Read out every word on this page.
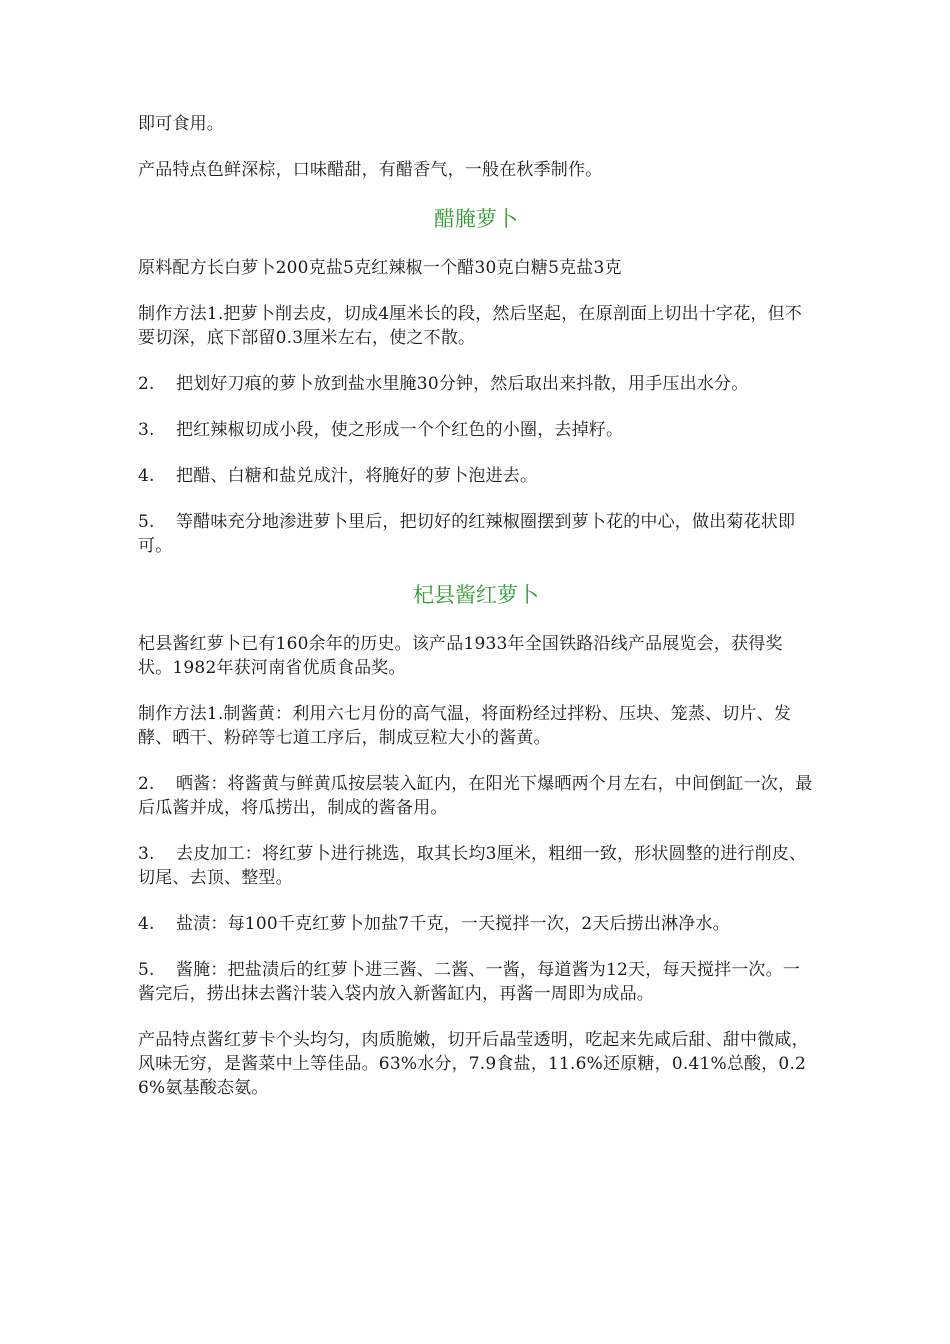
即可食用。

产品特点色鲜深棕，口味醋甜，有醋香气，一般在秋季制作。

醋腌萝卜

原料配方长白萝卜200克盐5克红辣椒一个醋30克白糖5克盐3克

制作方法1.把萝卜削去皮，切成4厘米长的段，然后坚起，在原剖面上切出十字花，但不要切深，底下部留0.3厘米左右，使之不散。

2. 把划好刀痕的萝卜放到盐水里腌30分钟，然后取出来抖散，用手压出水分。

3. 把红辣椒切成小段，使之形成一个个红色的小圈，去掉籽。

4. 把醋、白糖和盐兑成汁，将腌好的萝卜泡进去。

5. 等醋味充分地渗进萝卜里后，把切好的红辣椒圈摆到萝卜花的中心，做出菊花状即可。

杞县酱红萝卜

杞县酱红萝卜已有160余年的历史。该产品1933年全国铁路沿线产品展览会，获得奖状。1982年获河南省优质食品奖。

制作方法1.制酱黄：利用六七月份的高气温，将面粉经过拌粉、压块、笼蒸、切片、发酵、晒干、粉碎等七道工序后，制成豆粒大小的酱黄。

2. 晒酱：将酱黄与鲜黄瓜按层装入缸内，在阳光下爆晒两个月左右，中间倒缸一次，最后瓜酱并成，将瓜捞出，制成的酱备用。

3. 去皮加工：将红萝卜进行挑选，取其长均3厘米，粗细一致，形状圆整的进行削皮、切尾、去顶、整型。

4. 盐渍：每100千克红萝卜加盐7千克，一天搅拌一次，2天后捞出淋净水。

5. 酱腌：把盐渍后的红萝卜进三酱、二酱、一酱，每道酱为12天，每天搅拌一次。一酱完后，捞出抹去酱汁装入袋内放入新酱缸内，再酱一周即为成品。

产品特点酱红萝卡个头均匀，肉质脆嫩，切开后晶莹透明，吃起来先咸后甜、甜中微咸，风味无穷，是酱菜中上等佳品。63%水分，7.9食盐，11.6%还原糖，0.41%总酸，0.26%氨基酸态氨。
